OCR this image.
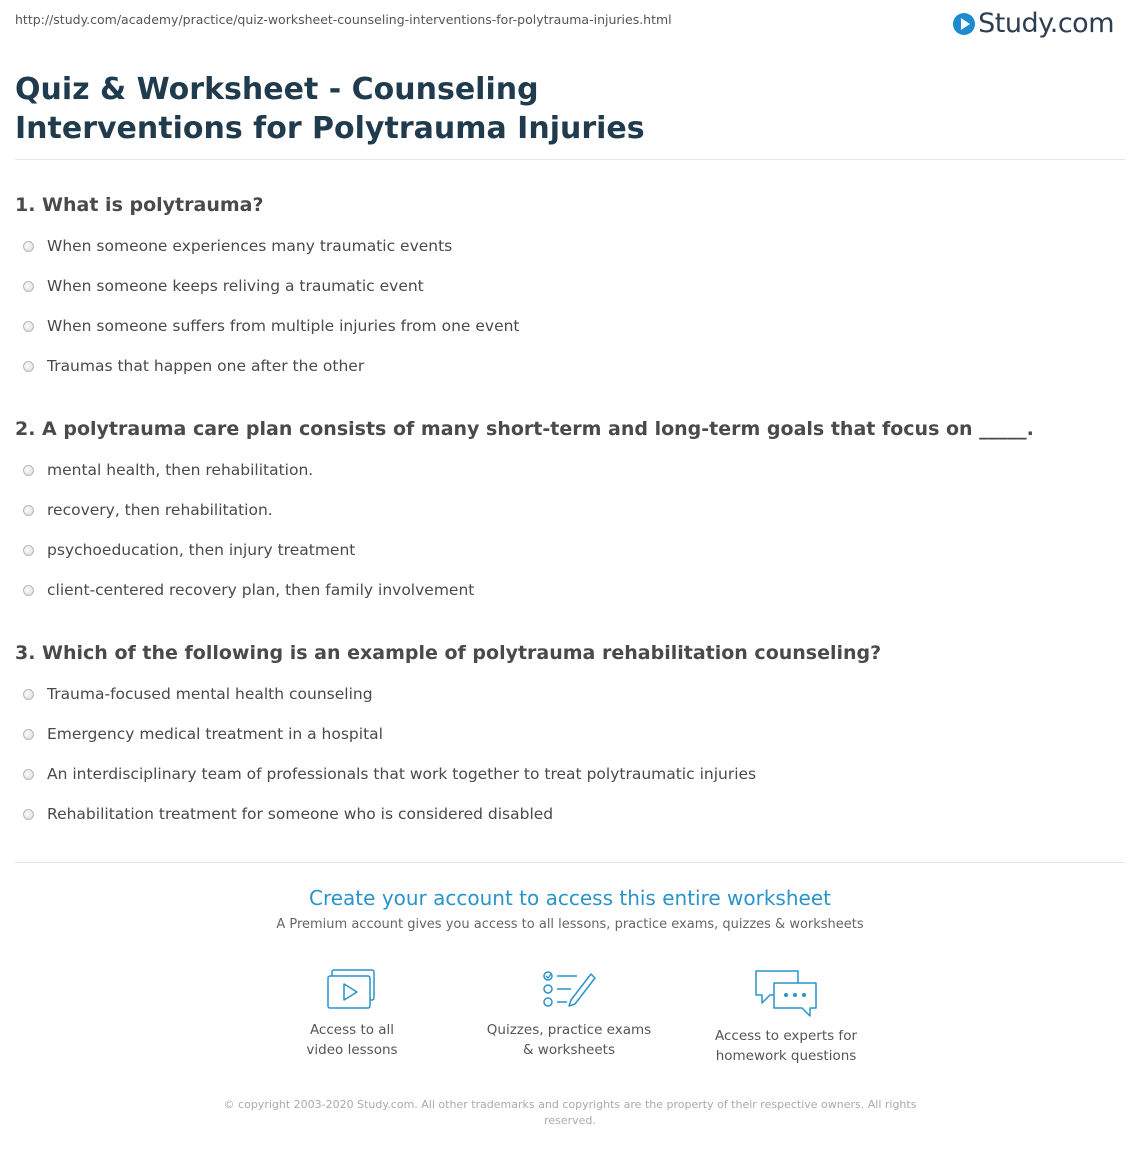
http://study.com/academy/practice/quiz-worksheet-counseling-interventions-for-polytrauma-injuries.html	Study.com
Quiz & Worksheet - Counseling Interventions for Polytrauma Injuries
1. What is polytrauma?
When someone experiences many traumatic events
When someone keeps reliving a traumatic event
When someone suffers from multiple injuries from one event
Traumas that happen one after the other
2. A polytrauma care plan consists of many short-term and long-term goals that focus on _____.
mental health, then rehabilitation.
recovery, then rehabilitation.
psychoeducation, then injury treatment
client-centered recovery plan, then family involvement
3. Which of the following is an example of polytrauma rehabilitation counseling?
Trauma-focused mental health counseling
Emergency medical treatment in a hospital
An interdisciplinary team of professionals that work together to treat polytraumatic injuries
Rehabilitation treatment for someone who is considered disabled
Create your account to access this entire worksheet
A Premium account gives you access to all lessons, practice exams, quizzes & worksheets
Access to all
video lessons
Quizzes, practice exams
& worksheets
Access to experts for
homework questions
© copyright 2003-2020 Study.com. All other trademarks and copyrights are the property of their respective owners. All rights
reserved.
